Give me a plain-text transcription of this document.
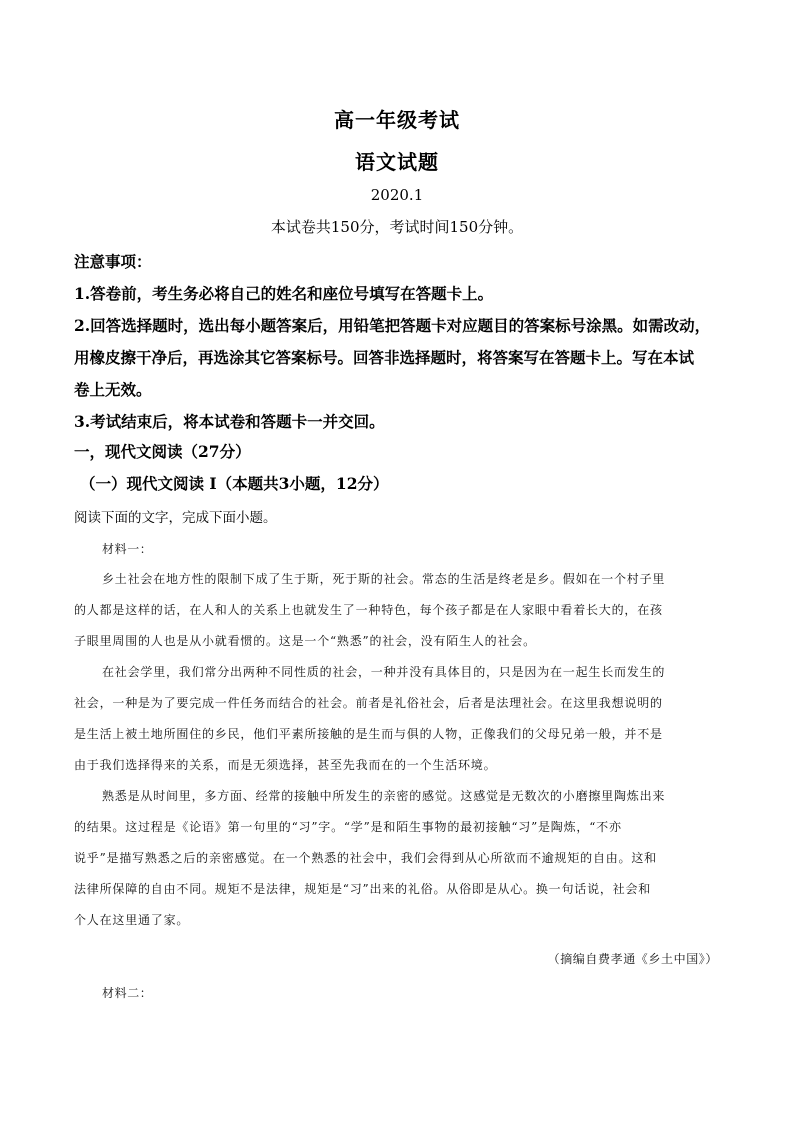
高一年级考试
语文试题
2020.1
本试卷共150分，考试时间150分钟。
注意事项：
1.答卷前，考生务必将自己的姓名和座位号填写在答题卡上。
2.回答选择题时，选出每小题答案后，用铅笔把答题卡对应题目的答案标号涂黑。如需改动，
用橡皮擦干净后，再选涂其它答案标号。回答非选择题时，将答案写在答题卡上。写在本试
卷上无效。
3.考试结束后，将本试卷和答题卡一并交回。
一，现代文阅读（27分）
（一）现代文阅读 I（本题共3小题，12分）
阅读下面的文字，完成下面小题。
材料一：
乡土社会在地方性的限制下成了生于斯，死于斯的社会。常态的生活是终老是乡。假如在一个村子里
的人都是这样的话，在人和人的关系上也就发生了一种特色，每个孩子都是在人家眼中看着长大的，在孩
子眼里周围的人也是从小就看惯的。这是一个“熟悉”的社会，没有陌生人的社会。
在社会学里，我们常分出两种不同性质的社会，一种并没有具体目的，只是因为在一起生长而发生的
社会，一种是为了要完成一件任务而结合的社会。前者是礼俗社会，后者是法理社会。在这里我想说明的
是生活上被土地所囿住的乡民，他们平素所接触的是生而与俱的人物，正像我们的父母兄弟一般，并不是
由于我们选择得来的关系，而是无须选择，甚至先我而在的一个生活环境。
熟悉是从时间里，多方面、经常的接触中所发生的亲密的感觉。这感觉是无数次的小磨擦里陶炼出来
的结果。这过程是《论语》第一句里的“习”字。“学”是和陌生事物的最初接触“习”是陶炼，“不亦
说乎”是描写熟悉之后的亲密感觉。在一个熟悉的社会中，我们会得到从心所欲而不逾规矩的自由。这和
法律所保障的自由不同。规矩不是法律，规矩是“习”出来的礼俗。从俗即是从心。换一句话说，社会和
个人在这里通了家。
（摘编自费孝通《乡土中国》）
材料二：
